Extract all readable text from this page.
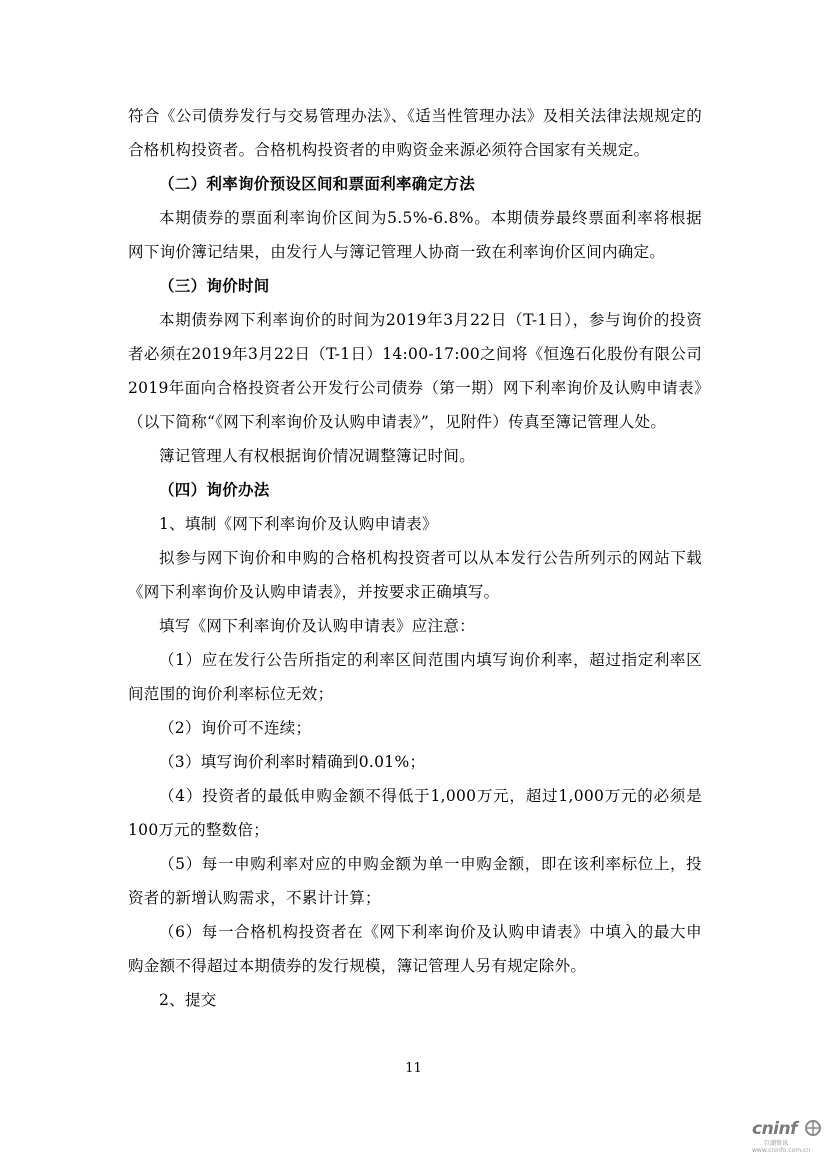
符合《公司债券发行与交易管理办法》、《适当性管理办法》及相关法律法规规定的合格机构投资者。合格机构投资者的申购资金来源必须符合国家有关规定。

（二）利率询价预设区间和票面利率确定方法

本期债券的票面利率询价区间为5.5%-6.8%。本期债券最终票面利率将根据网下询价簿记结果，由发行人与簿记管理人协商一致在利率询价区间内确定。

（三）询价时间

本期债券网下利率询价的时间为2019年3月22日（T-1日），参与询价的投资者必须在2019年3月22日（T-1日）14:00-17:00之间将《恒逸石化股份有限公司2019年面向合格投资者公开发行公司债券（第一期）网下利率询价及认购申请表》（以下简称“《网下利率询价及认购申请表》”，见附件）传真至簿记管理人处。

簿记管理人有权根据询价情况调整簿记时间。

（四）询价办法

1、填制《网下利率询价及认购申请表》

拟参与网下询价和申购的合格机构投资者可以从本发行公告所列示的网站下载《网下利率询价及认购申请表》，并按要求正确填写。

填写《网下利率询价及认购申请表》应注意：

（1）应在发行公告所指定的利率区间范围内填写询价利率，超过指定利率区间范围的询价利率标位无效；

（2）询价可不连续；

（3）填写询价利率时精确到0.01%；

（4）投资者的最低申购金额不得低于1,000万元，超过1,000万元的必须是100万元的整数倍；

（5）每一申购利率对应的申购金额为单一申购金额，即在该利率标位上，投资者的新增认购需求，不累计计算；

（6）每一合格机构投资者在《网下利率询价及认购申请表》中填入的最大申购金额不得超过本期债券的发行规模，簿记管理人另有规定除外。

2、提交

11
cninf
巨潮资讯
www.cninfo.com.cn
